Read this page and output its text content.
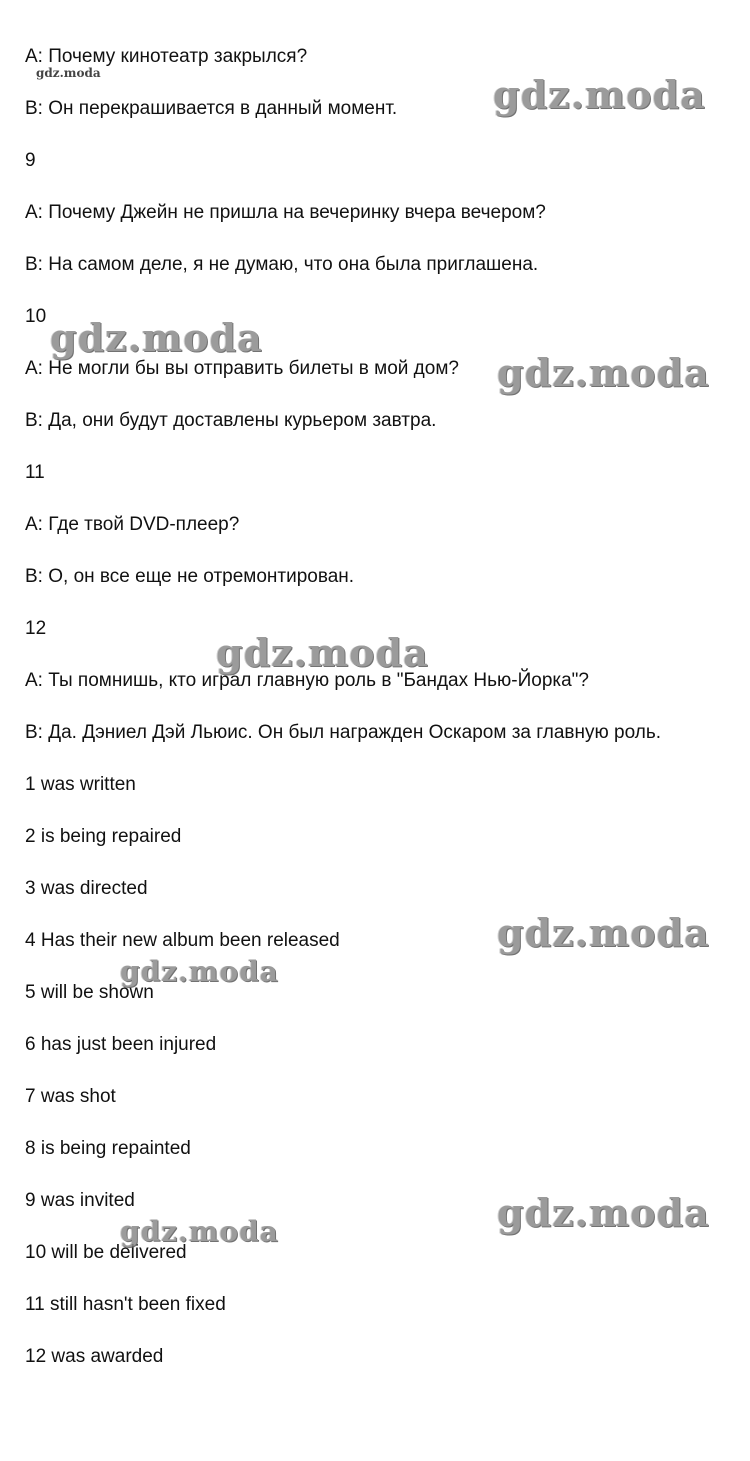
А: Почему кинотеатр закрылся?
В: Он перекрашивается в данный момент.
9
А: Почему Джейн не пришла на вечеринку вчера вечером?
В: На самом деле, я не думаю, что она была приглашена.
10
А: Не могли бы вы отправить билеты в мой дом?
В: Да, они будут доставлены курьером завтра.
11
А: Где твой DVD-плеер?
В: О, он все еще не отремонтирован.
12
А: Ты помнишь, кто играл главную роль в "Бандах Нью-Йорка"?
В: Да. Дэниел Дэй Льюис. Он был награжден Оскаром за главную роль.
1 was written
2 is being repaired
3 was directed
4 Has their new album been released
5 will be shown
6 has just been injured
7 was shot
8 is being repainted
9 was invited
10 will be delivered
11 still hasn't been fixed
12 was awarded
gdz.moda	gdz.moda
gdz.moda
gdz.moda
gdz.moda
gdz.moda
gdz.moda
gdz.moda
gdz.moda
